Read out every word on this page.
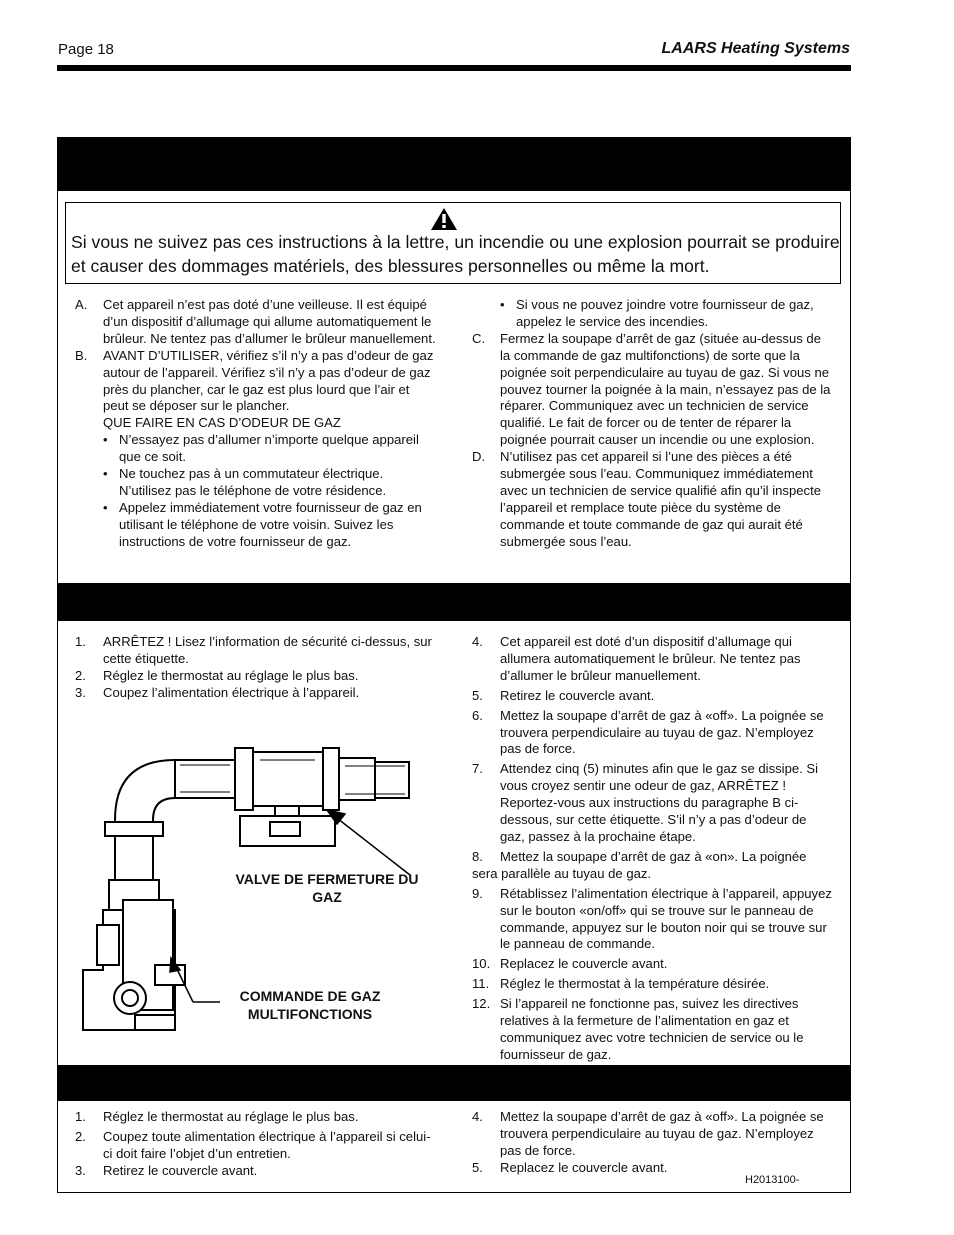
Page 18	LAARS Heating Systems
Si vous ne suivez pas ces instructions à la lettre, un incendie ou une explosion pourrait se produire et causer des dommages matériels, des blessures personnelles ou même la mort.
A. Cet appareil n’est pas doté d’une veilleuse. Il est équipé d’un dispositif d’allumage qui allume automatiquement le brûleur. Ne tentez pas d’allumer le brûleur manuellement.
B. AVANT D’UTILISER, vérifiez s’il n’y a pas d’odeur de gaz autour de l’appareil. Vérifiez s’il n’y a pas d’odeur de gaz près du plancher, car le gaz est plus lourd que l’air et peut se déposer sur le plancher.
QUE FAIRE EN CAS D’ODEUR DE GAZ
• N’essayez pas d’allumer n’importe quelque appareil que ce soit.
• Ne touchez pas à un commutateur électrique. N’utilisez pas le téléphone de votre résidence.
• Appelez immédiatement votre fournisseur de gaz en utilisant le téléphone de votre voisin. Suivez les instructions de votre fournisseur de gaz.
• Si vous ne pouvez joindre votre fournisseur de gaz, appelez le service des incendies.
C. Fermez la soupape d’arrêt de gaz (située au-dessus de la commande de gaz multifonctions) de sorte que la poignée soit perpendiculaire au tuyau de gaz. Si vous ne pouvez tourner la poignée à la main, n’essayez pas de la réparer. Communiquez avec un technicien de service qualifié. Le fait de forcer ou de tenter de réparer la poignée pourrait causer un incendie ou une explosion.
D. N’utilisez pas cet appareil si l’une des pièces a été submergée sous l’eau. Communiquez immédiatement avec un technicien de service qualifié afin qu’il inspecte l’appareil et remplace toute pièce du système de commande et toute commande de gaz qui aurait été submergée sous l’eau.
1. ARRÊTEZ ! Lisez l’information de sécurité ci-dessus, sur cette étiquette.
2. Réglez le thermostat au réglage le plus bas.
3. Coupez l’alimentation électrique à l’appareil.
4. Cet appareil est doté d’un dispositif d’allumage qui allumera automatiquement le brûleur. Ne tentez pas d’allumer le brûleur manuellement.
5. Retirez le couvercle avant.
6. Mettez la soupape d’arrêt de gaz à «off». La poignée se trouvera perpendiculaire au tuyau de gaz. N’employez pas de force.
7. Attendez cinq (5) minutes afin que le gaz se dissipe. Si vous croyez sentir une odeur de gaz, ARRÊTEZ ! Reportez-vous aux instructions du paragraphe B ci-dessous, sur cette étiquette. S’il n’y a pas d’odeur de gaz, passez à la prochaine étape.
8. Mettez la soupape d’arrêt de gaz à «on». La poignée sera parallèle au tuyau de gaz.
9. Rétablissez l’alimentation électrique à l’appareil, appuyez sur le bouton «on/off» qui se trouve sur le panneau de commande, appuyez sur le bouton noir qui se trouve sur le panneau de commande.
10. Replacez le couvercle avant.
11. Réglez le thermostat à la température désirée.
12. Si l’appareil ne fonctionne pas, suivez les directives relatives à la fermeture de l’alimentation en gaz et communiquez avec votre technicien de service ou le fournisseur de gaz.
1. Réglez le thermostat au réglage le plus bas.
2. Coupez toute alimentation électrique à l’appareil si celui-ci doit faire l’objet d’un entretien.
3. Retirez le couvercle avant.
4. Mettez la soupape d’arrêt de gaz à «off». La poignée se trouvera perpendiculaire au tuyau de gaz. N’employez pas de force.
5. Replacez le couvercle avant.
VALVE DE FERMETURE DU GAZ
COMMANDE DE GAZ MULTIFONCTIONS
H2013100-
